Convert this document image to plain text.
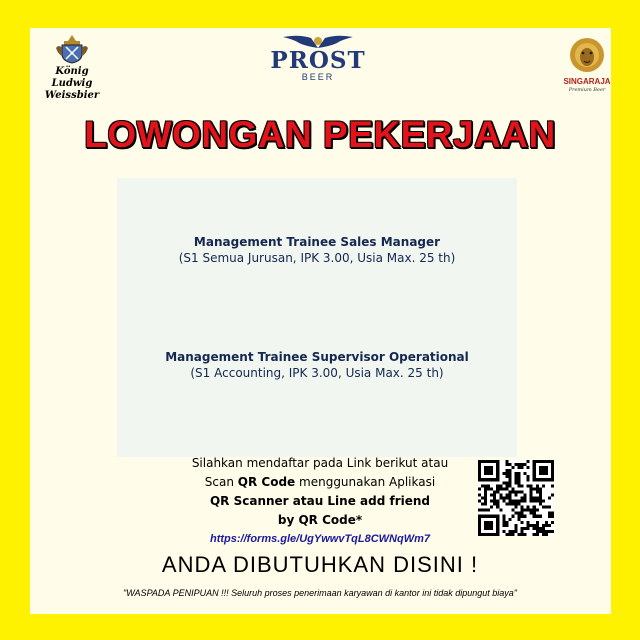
König Ludwig Weissbier
PROST
BEER	SINGARAJA
Premium Beer
LOWONGAN PEKERJAAN
Management Trainee Sales Manager
(S1 Semua Jurusan, IPK 3.00, Usia Max. 25 th)
Management Trainee Supervisor Operational
(S1 Accounting, IPK 3.00, Usia Max. 25 th)
Silahkan mendaftar pada Link berikut atau
Scan QR Code menggunakan Aplikasi
QR Scanner atau Line add friend
by QR Code*
https://forms.gle/UgYwwvTqL8CWNqWm7
ANDA DIBUTUHKAN DISINI !
"WASPADA PENIPUAN !!! Seluruh proses penerimaan karyawan di kantor ini tidak dipungut biaya"
